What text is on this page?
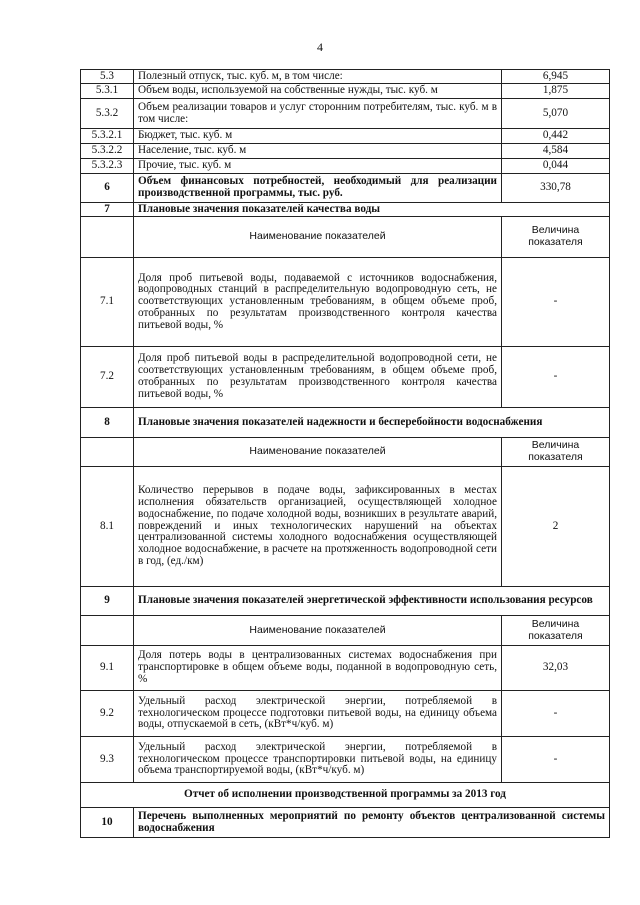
4
5.3	Полезный отпуск, тыс. куб. м, в том числе:	6,945
5.3.1	Объем воды, используемой на собственные нужды, тыс. куб. м	1,875
5.3.2	Объем реализации товаров и услуг сторонним потребителям, тыс. куб. м в том числе:	5,070
5.3.2.1	Бюджет, тыс. куб. м	0,442
5.3.2.2	Население, тыс. куб. м	4,584
5.3.2.3	Прочие, тыс. куб. м	0,044
6	Объем финансовых потребностей, необходимый для реализации производственной программы, тыс. руб.	330,78
7	Плановые значения показателей качества воды	
	Наименование показателей	Величина показателя
7.1	Доля проб питьевой воды, подаваемой с источников водоснабжения, водопроводных станций в распределительную водопроводную сеть, не соответствующих установленным требованиям, в общем объеме проб, отобранных по результатам производственного контроля качества питьевой воды, %	-
7.2	Доля проб питьевой воды в распределительной водопроводной сети, не соответствующих установленным требованиям, в общем объеме проб, отобранных по результатам производственного контроля качества питьевой воды, %	-
8	Плановые значения показателей надежности и бесперебойности водоснабжения	
	Наименование показателей	Величина показателя
8.1	Количество перерывов в подаче воды, зафиксированных в местах исполнения обязательств организацией, осуществляющей холодное водоснабжение, по подаче холодной воды, возникших в результате аварий, повреждений и иных технологических нарушений на объектах централизованной системы холодного водоснабжения осуществляющей холодное водоснабжение, в расчете на протяженность водопроводной сети в год, (ед./км)	2
9	Плановые значения показателей энергетической эффективности использования ресурсов	
	Наименование показателей	Величина показателя
9.1	Доля потерь воды в централизованных системах водоснабжения при транспортировке в общем объеме воды, поданной в водопроводную сеть, %	32,03
9.2	Удельный расход электрической энергии, потребляемой в технологическом процессе подготовки питьевой воды, на единицу объема воды, отпускаемой в сеть, (кВт*ч/куб. м)	-
9.3	Удельный расход электрической энергии, потребляемой в технологическом процессе транспортировки питьевой воды, на единицу объема транспортируемой воды, (кВт*ч/куб. м)	-
Отчет об исполнении производственной программы за 2013 год		
10	Перечень выполненных мероприятий по ремонту объектов централизованной системы водоснабжения	
